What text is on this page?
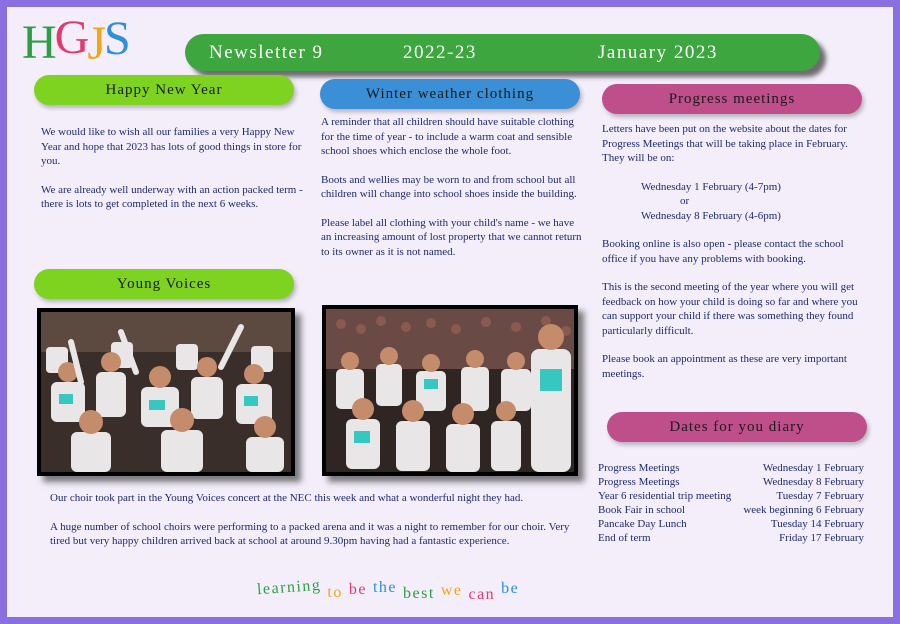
HGJS	Newsletter 9	2022-23	January 2023
Happy New Year

We would like to wish all our families a very Happy New Year and hope that 2023 has lots of good things in store for you.

We are already well underway with an action packed term - there is lots to get completed in the next 6 weeks.

Winter weather clothing

A reminder that all children should have suitable clothing for the time of year - to include a warm coat and sensible school shoes which enclose the whole foot.

Boots and wellies may be worn to and from school but all children will change into school shoes inside the building.

Please label all clothing with your child's name - we have an increasing amount of lost property that we cannot return to its owner as it is not named.

Progress meetings

Letters have been put on the website about the dates for Progress Meetings that will be taking place in February. They will be on:

Wednesday 1 February (4-7pm)
or
Wednesday 8 February (4-6pm)

Booking online is also open - please contact the school office if you have any problems with booking.

This is the second meeting of the year where you will get feedback on how your child is doing so far and where you can support your child if there was something they found particularly difficult.

Please book an appointment as these are very important meetings.

Young Voices

Our choir took part in the Young Voices concert at the NEC this week and what a wonderful night they had.

A huge number of school choirs were performing to a packed arena and it was a night to remember for our choir. Very tired but very happy children arrived back at school at around 9.30pm having had a fantastic experience.

Dates for you diary
Progress Meetings	Wednesday 1 February
Progress Meetings	Wednesday 8 February
Year 6 residential trip meeting	Tuesday 7 February
Book Fair in school	week beginning 6 February
Pancake Day Lunch	Tuesday 14 February
End of term	Friday 17 February
learning to be the best we can be
